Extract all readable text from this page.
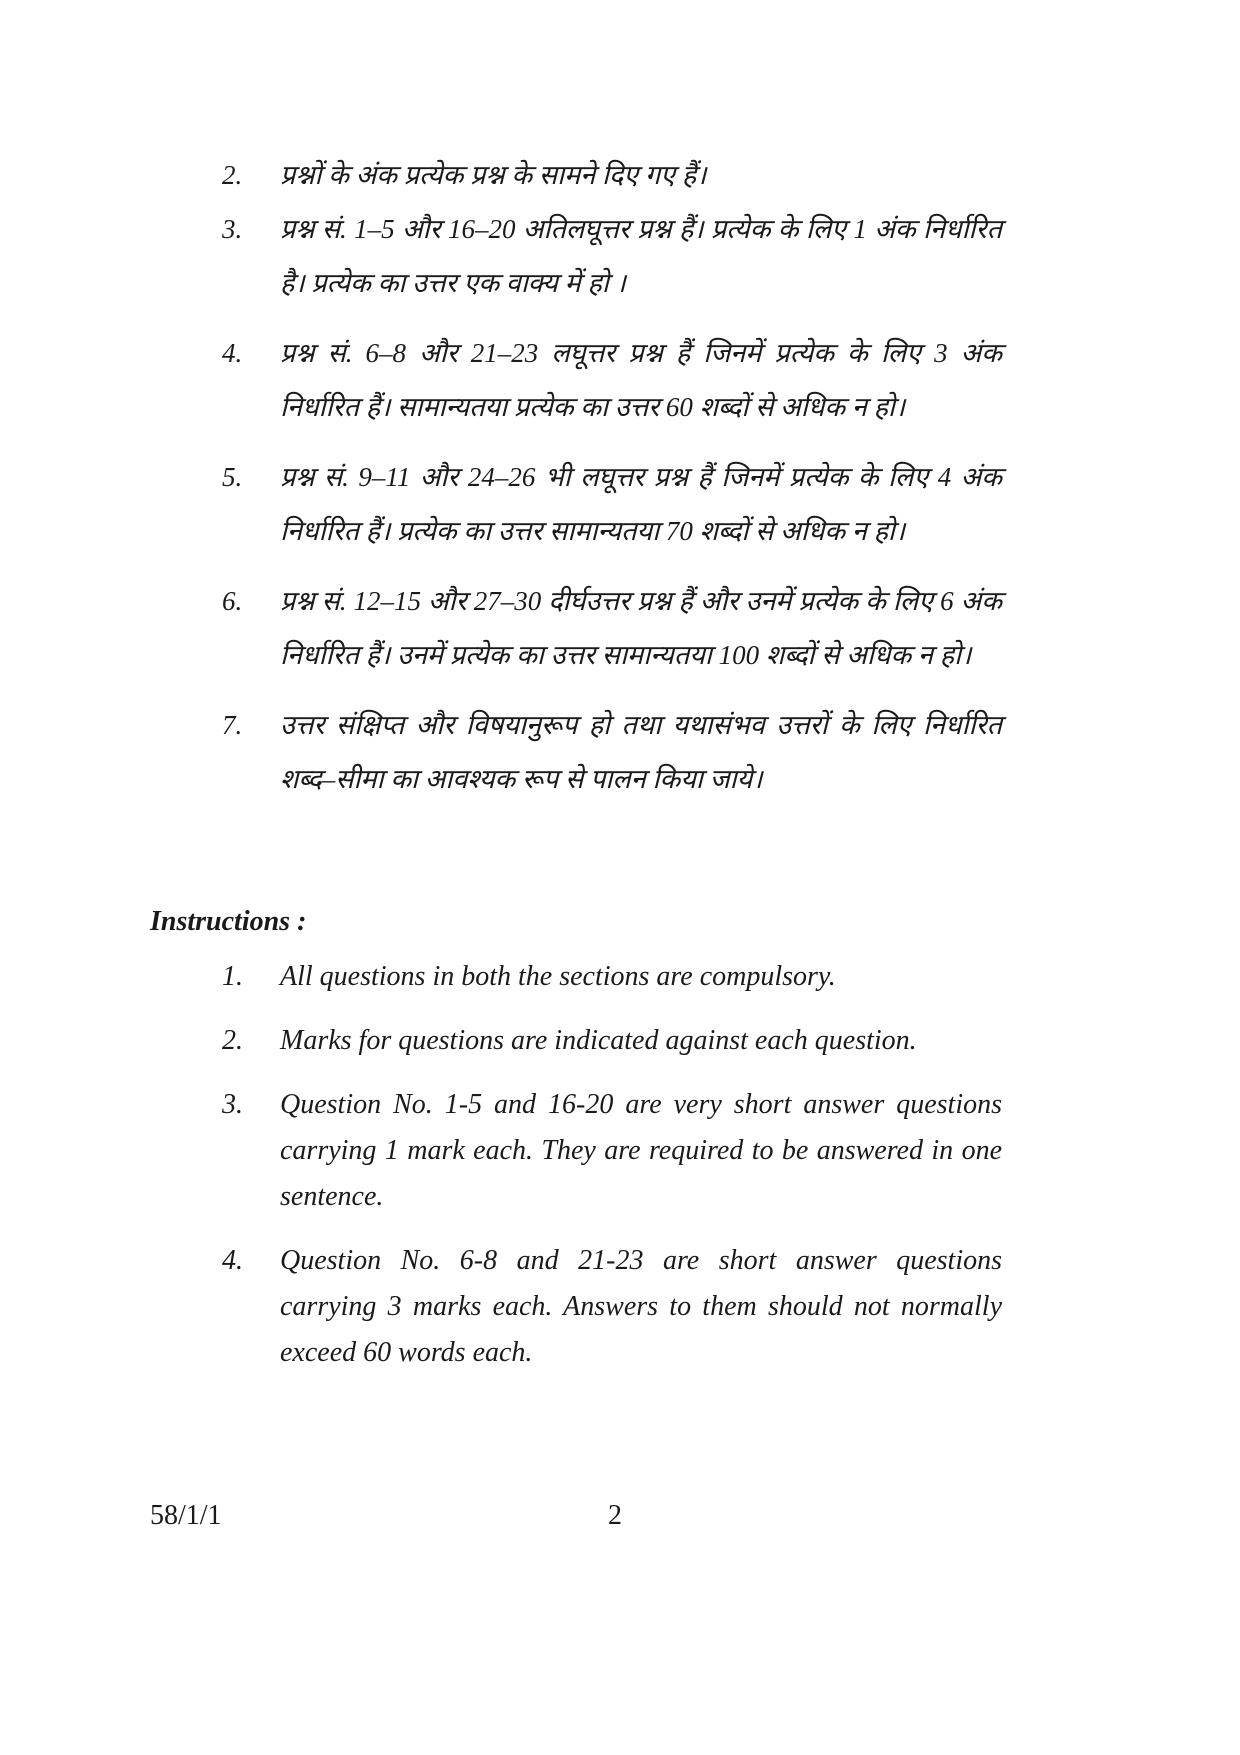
2.	प्रश्नों के अंक प्रत्येक प्रश्न के सामने दिए गए हैं।
3.	प्रश्न सं. 1–5 और 16–20 अतिलघूत्तर प्रश्न हैं। प्रत्येक के लिए 1 अंक निर्धारित है। प्रत्येक का उत्तर एक वाक्य में हो ।
4.	प्रश्न सं. 6–8 और 21–23 लघूत्तर प्रश्न हैं जिनमें प्रत्येक के लिए 3 अंक निर्धारित हैं। सामान्यतया प्रत्येक का उत्तर 60 शब्दों से अधिक न हो।
5.	प्रश्न सं. 9–11 और 24–26 भी लघूत्तर प्रश्न हैं जिनमें प्रत्येक के लिए 4 अंक निर्धारित हैं। प्रत्येक का उत्तर सामान्यतया 70 शब्दों से अधिक न हो।
6.	प्रश्न सं. 12–15 और 27–30 दीर्घउत्तर प्रश्न हैं और उनमें प्रत्येक के लिए 6 अंक निर्धारित हैं। उनमें प्रत्येक का उत्तर सामान्यतया 100 शब्दों से अधिक न हो।
7.	उत्तर संक्षिप्त और विषयानुरूप हो तथा यथासंभव उत्तरों के लिए निर्धारित शब्द–सीमा का आवश्यक रूप से पालन किया जाये।
Instructions :
1.	All questions in both the sections are compulsory.
2.	Marks for questions are indicated against each question.
3.	Question No. 1-5 and 16-20 are very short answer questions carrying 1 mark each. They are required to be answered in one sentence.
4.	Question No. 6-8 and 21-23 are short answer questions carrying 3 marks each. Answers to them should not normally exceed 60 words each.
58/1/1	2
